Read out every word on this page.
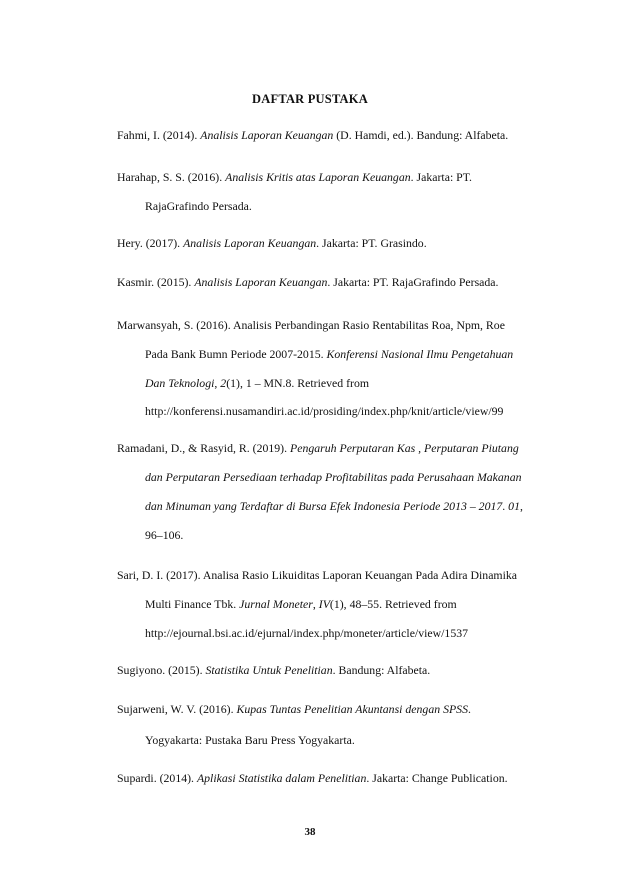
DAFTAR PUSTAKA
Fahmi, I. (2014). Analisis Laporan Keuangan (D. Hamdi, ed.). Bandung: Alfabeta.
Harahap, S. S. (2016). Analisis Kritis atas Laporan Keuangan. Jakarta: PT.
RajaGrafindo Persada.
Hery. (2017). Analisis Laporan Keuangan. Jakarta: PT. Grasindo.
Kasmir. (2015). Analisis Laporan Keuangan. Jakarta: PT. RajaGrafindo Persada.
Marwansyah, S. (2016). Analisis Perbandingan Rasio Rentabilitas Roa, Npm, Roe
Pada Bank Bumn Periode 2007-2015. Konferensi Nasional Ilmu Pengetahuan
Dan Teknologi, 2(1), 1 – MN.8. Retrieved from
http://konferensi.nusamandiri.ac.id/prosiding/index.php/knit/article/view/99
Ramadani, D., & Rasyid, R. (2019). Pengaruh Perputaran Kas , Perputaran Piutang
dan Perputaran Persediaan terhadap Profitabilitas pada Perusahaan Makanan
dan Minuman yang Terdaftar di Bursa Efek Indonesia Periode 2013 – 2017. 01,
96–106.
Sari, D. I. (2017). Analisa Rasio Likuiditas Laporan Keuangan Pada Adira Dinamika
Multi Finance Tbk. Jurnal Moneter, IV(1), 48–55. Retrieved from
http://ejournal.bsi.ac.id/ejurnal/index.php/moneter/article/view/1537
Sugiyono. (2015). Statistika Untuk Penelitian. Bandung: Alfabeta.
Sujarweni, W. V. (2016). Kupas Tuntas Penelitian Akuntansi dengan SPSS.
Yogyakarta: Pustaka Baru Press Yogyakarta.
Supardi. (2014). Aplikasi Statistika dalam Penelitian. Jakarta: Change Publication.
38
